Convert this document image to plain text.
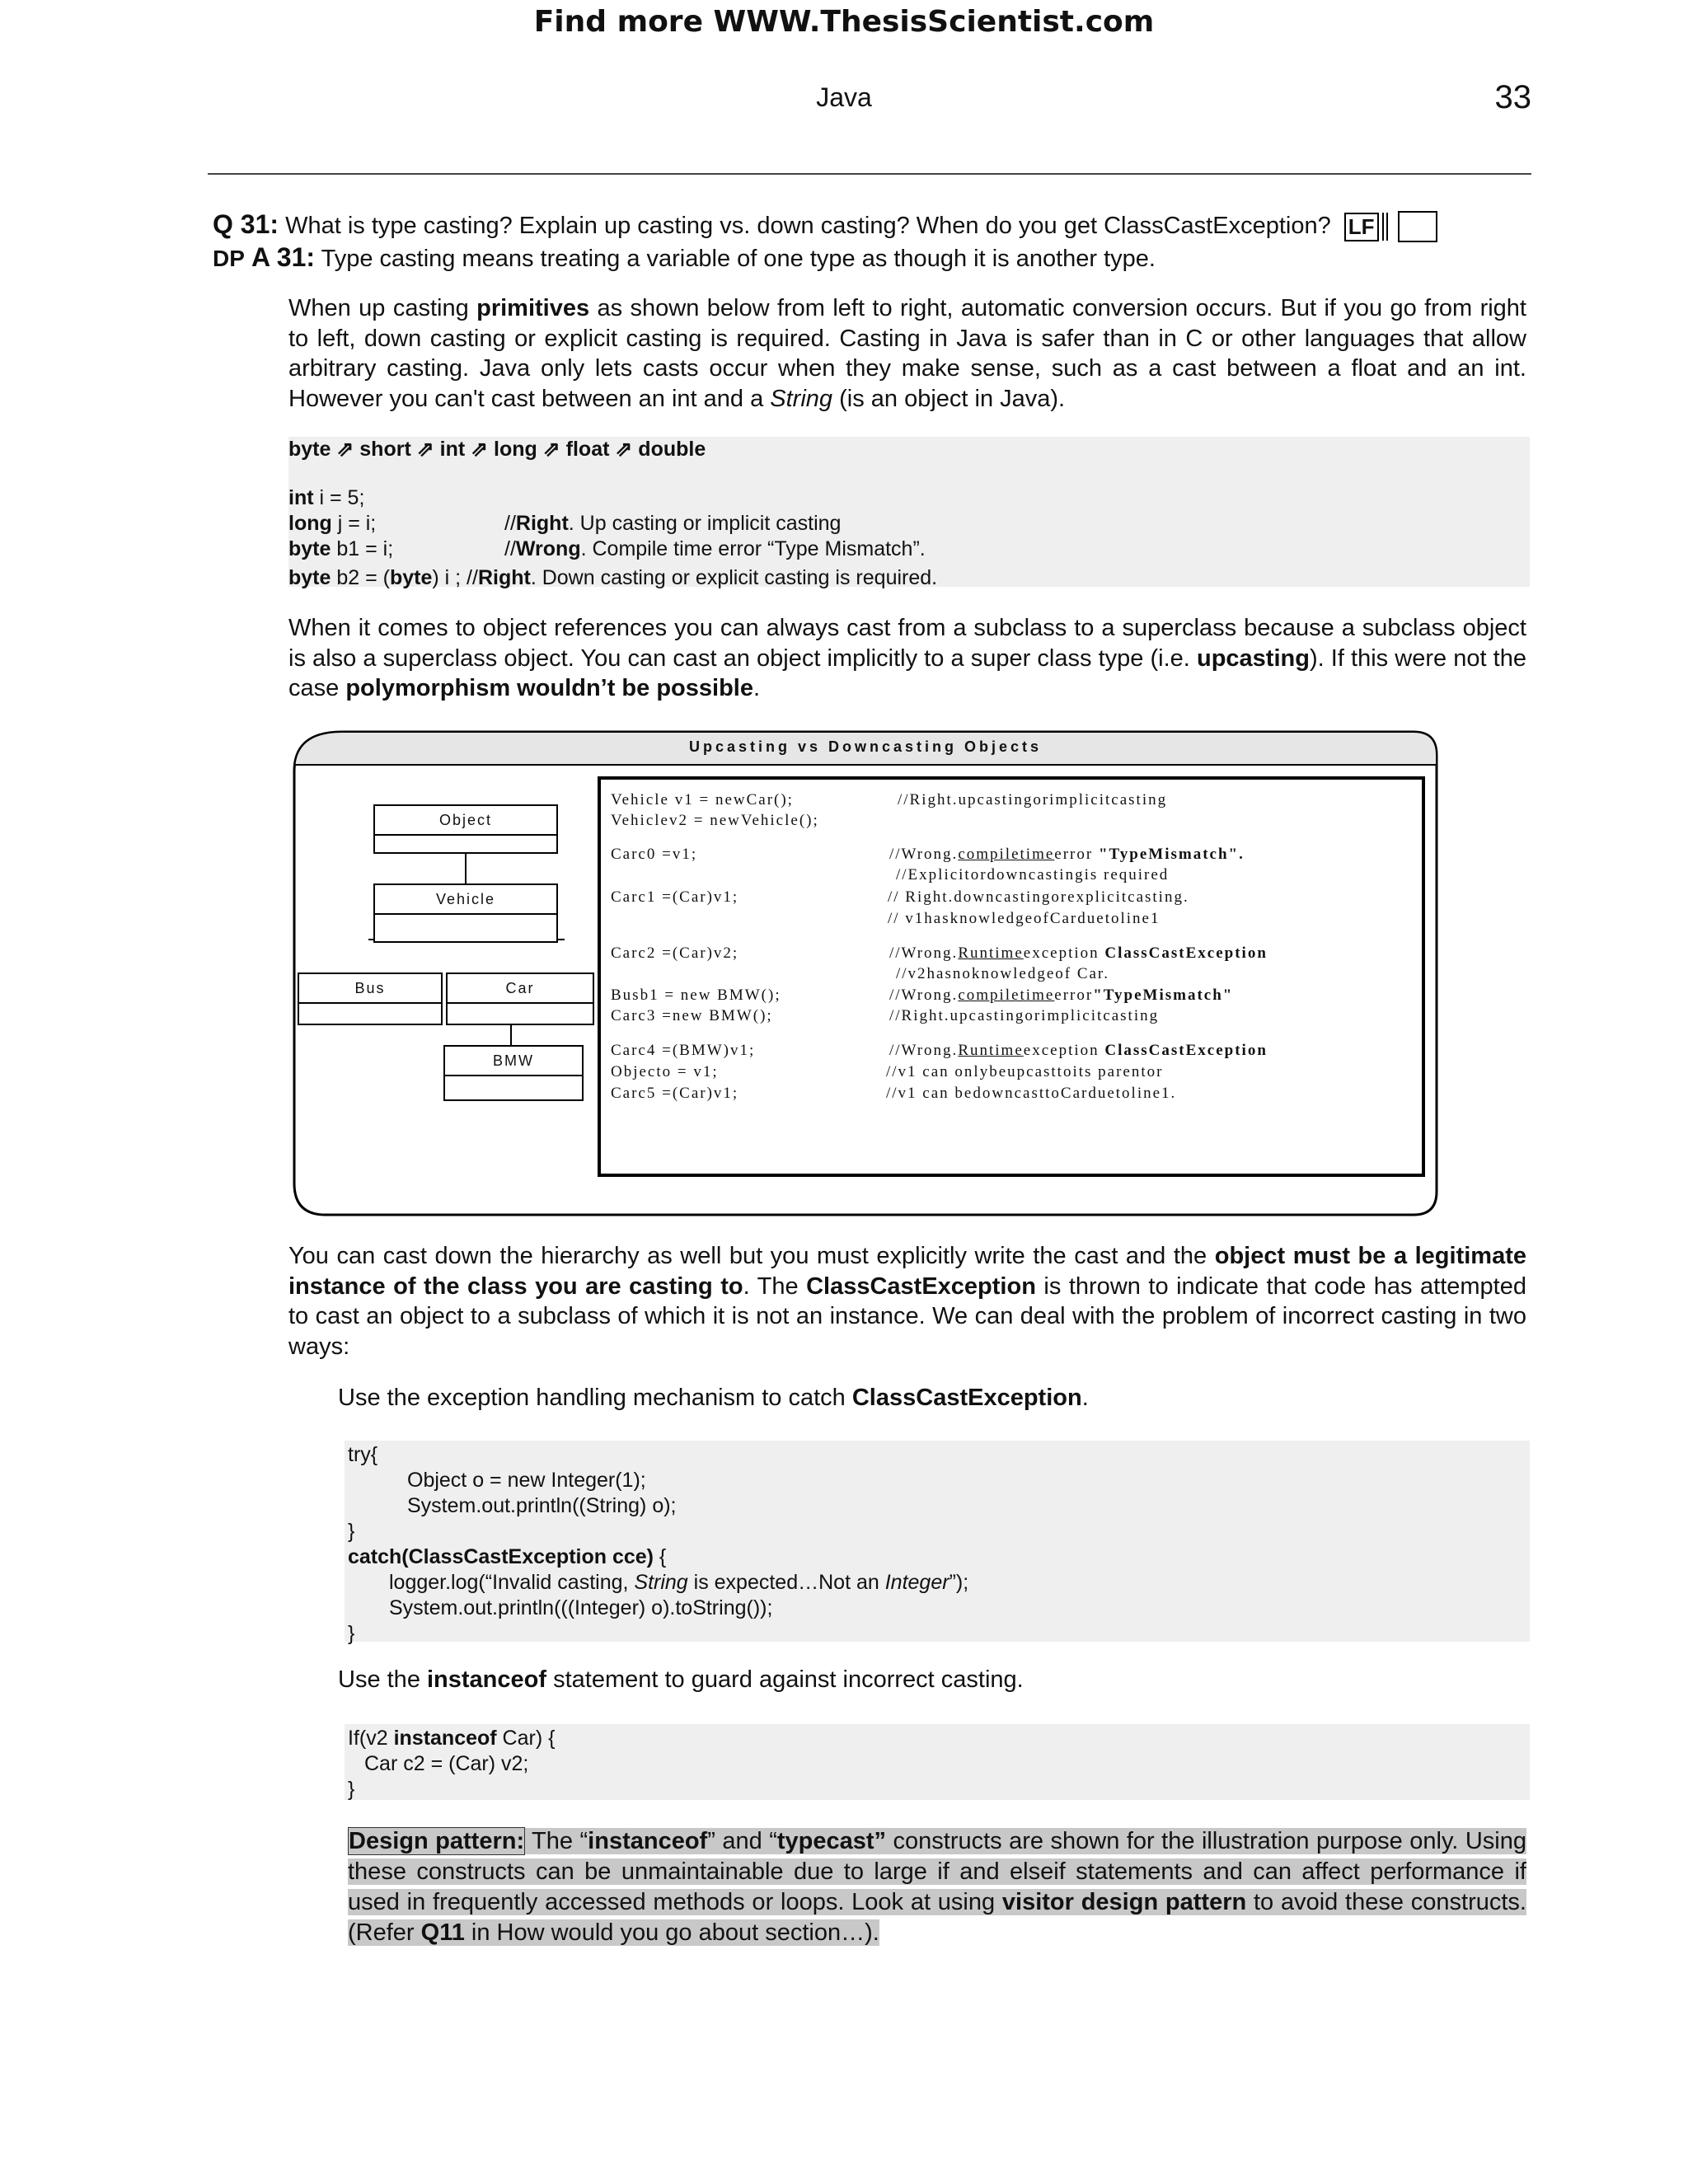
Find more WWW.ThesisScientist.com
Java	33
Q 31: What is type casting? Explain up casting vs. down casting? When do you get ClassCastException? LF
DP A 31: Type casting means treating a variable of one type as though it is another type.
When up casting primitives as shown below from left to right, automatic conversion occurs. But if you go from right to left, down casting or explicit casting is required. Casting in Java is safer than in C or other languages that allow arbitrary casting. Java only lets casts occur when they make sense, such as a cast between a float and an int. However you can't cast between an int and a String (is an object in Java).
byte ⇗ short ⇗ int ⇗ long ⇗ float ⇗ double
int i = 5;
long j = i;	//Right. Up casting or implicit casting
byte b1 = i;	//Wrong. Compile time error “Type Mismatch”.
byte b2 = (byte) i ; //Right. Down casting or explicit casting is required.
When it comes to object references you can always cast from a subclass to a superclass because a subclass object is also a superclass object. You can cast an object implicitly to a super class type (i.e. upcasting). If this were not the case polymorphism wouldn’t be possible.
Upcasting vs Downcasting Objects
Object
Vehicle
Bus	Car
BMW
Vehicle v1 = newCar();	//Right.upcastingorimplicitcasting
Vehiclev2 = newVehicle();
Carc0 =v1;	//Wrong.compiletimeerror "TypeMismatch".
//Explicitordowncastingis required
Carc1 =(Car)v1;	// Right.downcastingorexplicitcasting.
// v1hasknowledgeofCarduetoline1
Carc2 =(Car)v2;	//Wrong.Runtimeexception ClassCastException
//v2hasnoknowledgeof Car.
Busb1 = new BMW();	//Wrong.compiletimeerror"TypeMismatch"
Carc3 =new BMW();	//Right.upcastingorimplicitcasting
Carc4 =(BMW)v1;	//Wrong.Runtimeexception ClassCastException
Objecto = v1;	//v1 can onlybeupcasttoits parentor
Carc5 =(Car)v1;	//v1 can bedowncasttoCarduetoline1.
You can cast down the hierarchy as well but you must explicitly write the cast and the object must be a legitimate instance of the class you are casting to. The ClassCastException is thrown to indicate that code has attempted to cast an object to a subclass of which it is not an instance. We can deal with the problem of incorrect casting in two ways:
Use the exception handling mechanism to catch ClassCastException.
try{
Object o = new Integer(1);
System.out.println((String) o);
}
catch(ClassCastException cce) {
logger.log(“Invalid casting, String is expected…Not an Integer”);
System.out.println(((Integer) o).toString());
}
Use the instanceof statement to guard against incorrect casting.
If(v2 instanceof Car) {
Car c2 = (Car) v2;
}
Design pattern: The “instanceof” and “typecast” constructs are shown for the illustration purpose only. Using these constructs can be unmaintainable due to large if and elseif statements and can affect performance if used in frequently accessed methods or loops. Look at using visitor design pattern to avoid these constructs. (Refer Q11 in How would you go about section…).
